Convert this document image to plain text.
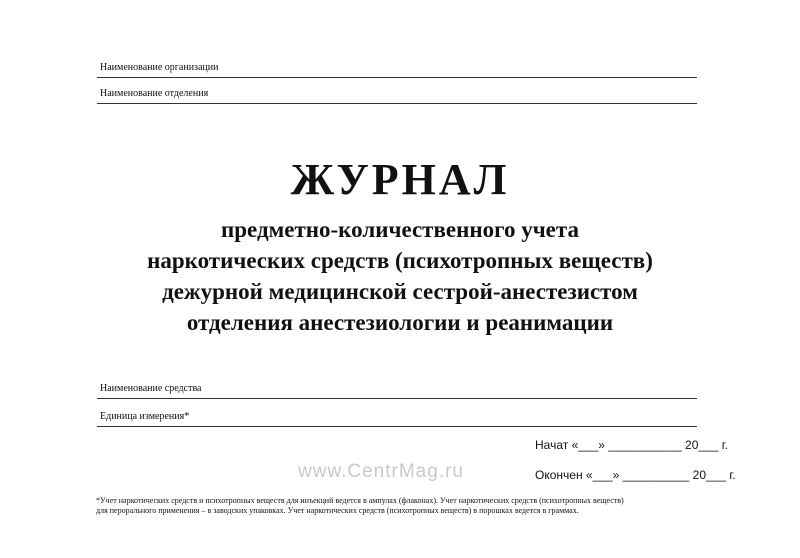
Наименование организации
Наименование отделения
ЖУРНАЛ
предметно-количественного учета
наркотических средств (психотропных веществ)
дежурной медицинской сестрой-анестезистом
отделения анестезиологии и реанимации
Наименование средства
Единица измерения*
Начат «___» ___________ 20___ г.
Окончен «___» __________ 20___ г.
www.CentrMag.ru
*Учет наркотических средств и психотропных веществ для инъекций ведется в ампулах (флаконах). Учет наркотических средств (психотропных веществ)
для перорального применения – в заводских упаковках. Учет наркотических средств (психотропных веществ) в порошках ведется в граммах.
